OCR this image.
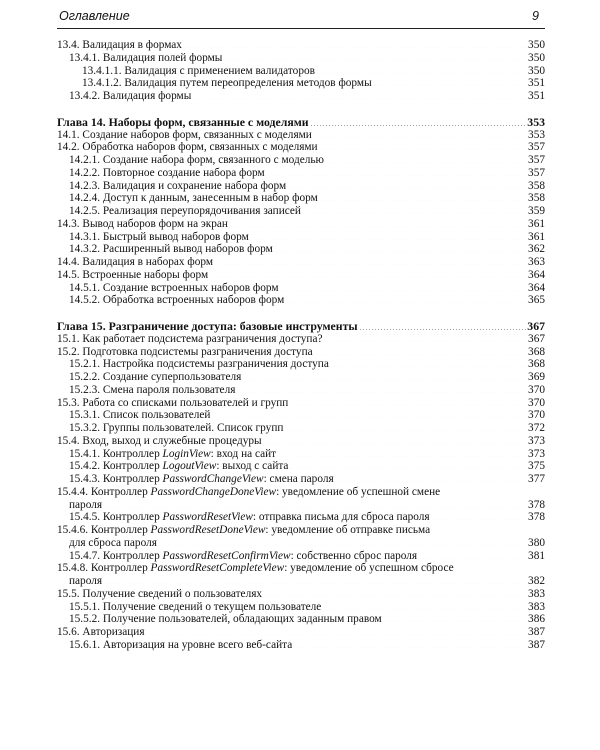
Оглавление	9
13.4. Валидация в формах	350
13.4.1. Валидация полей формы	350
13.4.1.1. Валидация с применением валидаторов	350
13.4.1.2. Валидация путем переопределения методов формы	351
13.4.2. Валидация формы	351
Глава 14. Наборы форм, связанные с моделями	353
14.1. Создание наборов форм, связанных с моделями	353
14.2. Обработка наборов форм, связанных с моделями	357
14.2.1. Создание набора форм, связанного с моделью	357
14.2.2. Повторное создание набора форм	357
14.2.3. Валидация и сохранение набора форм	358
14.2.4. Доступ к данным, занесенным в набор форм	358
14.2.5. Реализация переупорядочивания записей	359
14.3. Вывод наборов форм на экран	361
14.3.1. Быстрый вывод наборов форм	361
14.3.2. Расширенный вывод наборов форм	362
14.4. Валидация в наборах форм	363
14.5. Встроенные наборы форм	364
14.5.1. Создание встроенных наборов форм	364
14.5.2. Обработка встроенных наборов форм	365
Глава 15. Разграничение доступа: базовые инструменты	367
15.1. Как работает подсистема разграничения доступа?	367
15.2. Подготовка подсистемы разграничения доступа	368
15.2.1. Настройка подсистемы разграничения доступа	368
15.2.2. Создание суперпользователя	369
15.2.3. Смена пароля пользователя	370
15.3. Работа со списками пользователей и групп	370
15.3.1. Список пользователей	370
15.3.2. Группы пользователей. Список групп	372
15.4. Вход, выход и служебные процедуры	373
15.4.1. Контроллер LoginView: вход на сайт	373
15.4.2. Контроллер LogoutView: выход с сайта	375
15.4.3. Контроллер PasswordChangeView: смена пароля	377
15.4.4. Контроллер PasswordChangeDoneView: уведомление об успешной смене
пароля	378
15.4.5. Контроллер PasswordResetView: отправка письма для сброса пароля	378
15.4.6. Контроллер PasswordResetDoneView: уведомление об отправке письма
для сброса пароля	380
15.4.7. Контроллер PasswordResetConfirmView: собственно сброс пароля	381
15.4.8. Контроллер PasswordResetCompleteView: уведомление об успешном сбросе
пароля	382
15.5. Получение сведений о пользователях	383
15.5.1. Получение сведений о текущем пользователе	383
15.5.2. Получение пользователей, обладающих заданным правом	386
15.6. Авторизация	387
15.6.1. Авторизация на уровне всего веб-сайта	387
